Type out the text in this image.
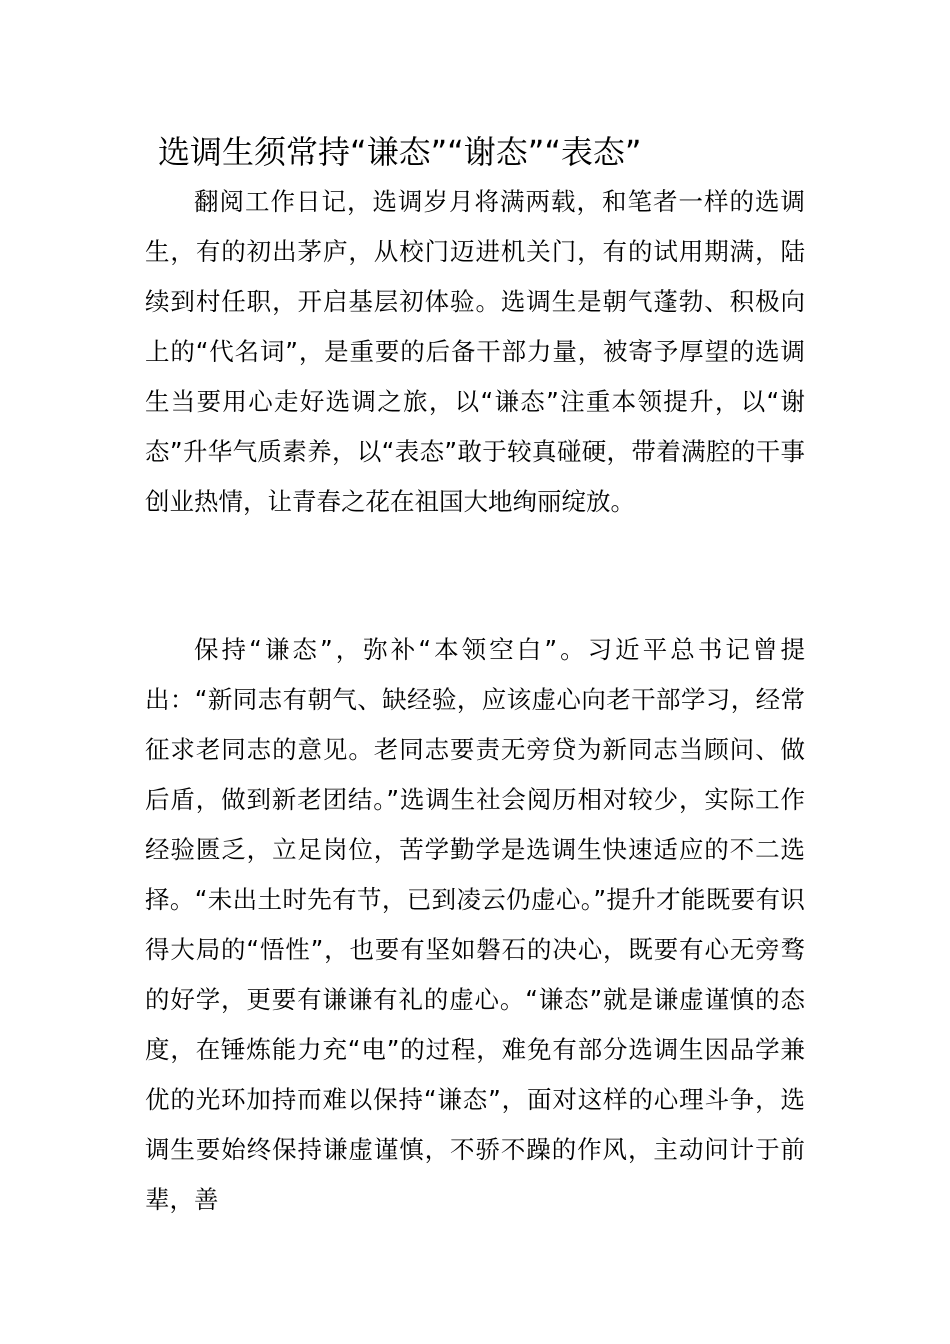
选调生须常持“谦态”“谢态”“表态”

翻阅工作日记，选调岁月将满两载，和笔者一样的选调生，有的初出茅庐，从校门迈进机关门，有的试用期满，陆续到村任职，开启基层初体验。选调生是朝气蓬勃、积极向上的“代名词”，是重要的后备干部力量，被寄予厚望的选调生当要用心走好选调之旅，以“谦态”注重本领提升，以“谢态”升华气质素养，以“表态”敢于较真碰硬，带着满腔的干事创业热情，让青春之花在祖国大地绚丽绽放。

保持“谦态”，弥补“本领空白”。习近平总书记曾提出：“新同志有朝气、缺经验，应该虚心向老干部学习，经常征求老同志的意见。老同志要责无旁贷为新同志当顾问、做后盾，做到新老团结。”选调生社会阅历相对较少，实际工作经验匮乏，立足岗位，苦学勤学是选调生快速适应的不二选择。“未出土时先有节，已到凌云仍虚心。”提升才能既要有识得大局的“悟性”，也要有坚如磐石的决心，既要有心无旁骛的好学，更要有谦谦有礼的虚心。“谦态”就是谦虚谨慎的态度，在锤炼能力充“电”的过程，难免有部分选调生因品学兼优的光环加持而难以保持“谦态”，面对这样的心理斗争，选调生要始终保持谦虚谨慎，不骄不躁的作风，主动问计于前辈，善
